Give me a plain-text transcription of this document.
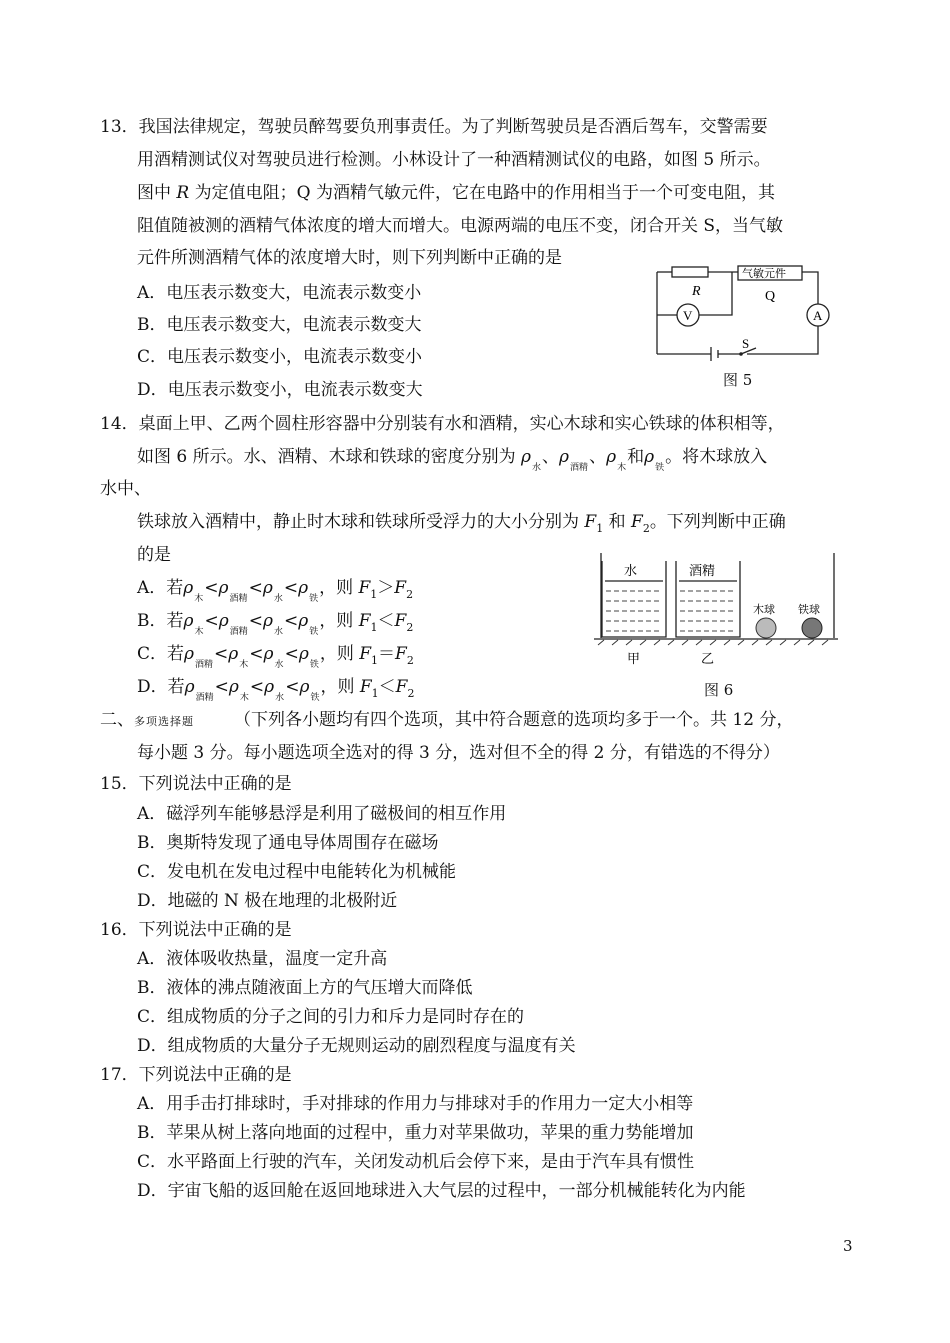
13．我国法律规定，驾驶员醉驾要负刑事责任。为了判断驾驶员是否酒后驾车，交警需要
用酒精测试仪对驾驶员进行检测。小林设计了一种酒精测试仪的电路，如图 5 所示。
图中 R 为定值电阻；Q 为酒精气敏元件，它在电路中的作用相当于一个可变电阻，其
阻值随被测的酒精气体浓度的增大而增大。电源两端的电压不变，闭合开关 S，当气敏
元件所测酒精气体的浓度增大时，则下列判断中正确的是
A．电压表示数变大，电流表示数变小
B．电压表示数变大，电流表示数变大
C．电压表示数变小，电流表示数变小
D．电压表示数变小，电流表示数变大
R
气敏元件
Q
V	A
S
图 5
14．桌面上甲、乙两个圆柱形容器中分别装有水和酒精，实心木球和实心铁球的体积相等，
如图 6 所示。水、酒精、木球和铁球的密度分别为 $\rho_水$、$\rho_{酒精}$、$\rho_木$和$\rho_铁$。将木球放入
水中、
铁球放入酒精中，静止时木球和铁球所受浮力的大小分别为 $F_1$ 和 $F_2$。下列判断中正确
的是
A．若$\rho_木<\rho_{酒精}<\rho_水<\rho_铁$，则 $F_1>F_2$
B．若$\rho_木<\rho_{酒精}<\rho_水<\rho_铁$，则 $F_1<F_2$
C．若$\rho_{酒精}<\rho_木<\rho_水<\rho_铁$，则 $F_1=F_2$
D．若$\rho_{酒精}<\rho_木<\rho_水<\rho_铁$，则 $F_1<F_2$
水	酒精
木球 铁球
甲	乙
图 6
二、多项选择题 （下列各小题均有四个选项，其中符合题意的选项均多于一个。共 12 分，
每小题 3 分。每小题选项全选对的得 3 分，选对但不全的得 2 分，有错选的不得分）
15．下列说法中正确的是
A．磁浮列车能够悬浮是利用了磁极间的相互作用
B．奥斯特发现了通电导体周围存在磁场
C．发电机在发电过程中电能转化为机械能
D．地磁的 N 极在地理的北极附近
16．下列说法中正确的是
A．液体吸收热量，温度一定升高
B．液体的沸点随液面上方的气压增大而降低
C．组成物质的分子之间的引力和斥力是同时存在的
D．组成物质的大量分子无规则运动的剧烈程度与温度有关
17．下列说法中正确的是
A．用手击打排球时，手对排球的作用力与排球对手的作用力一定大小相等
B．苹果从树上落向地面的过程中，重力对苹果做功，苹果的重力势能增加
C．水平路面上行驶的汽车，关闭发动机后会停下来，是由于汽车具有惯性
D．宇宙飞船的返回舱在返回地球进入大气层的过程中，一部分机械能转化为内能
3
